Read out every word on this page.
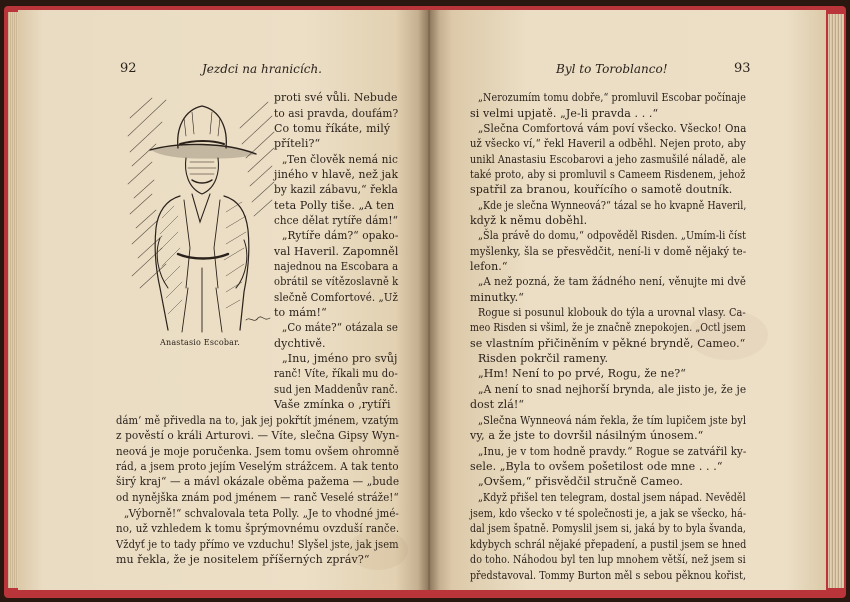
92	Jezdci na hranicích.
Anastasio Escobar.
proti své vůli. Nebude
to asi pravda, doufám?
Co tomu říkáte, milý
příteli?“
„Ten člověk nemá nic
jiného v hlavě, než jak
by kazil zábavu,“ řekla
teta Polly tiše. „A ten
chce dělat rytíře dám!“
„Rytíře dám?“ opako-
val Haveril. Zapomněl
najednou na Escobara a
obrátil se vítězoslavně k
slečně Comfortové. „Už
to mám!“
„Co máte?“ otázala se
dychtivě.
„Inu, jméno pro svůj
ranč! Víte, říkali mu do-
sud jen Maddenův ranč.
Vaše zmínka o ‚rytíři
dám‘ mě přivedla na to, jak jej pokřtít jménem, vzatým
z pověstí o králi Arturovi. — Víte, slečna Gipsy Wyn-
neová je moje poručenka. Jsem tomu ovšem ohromně
rád, a jsem proto jejím Veselým strážcem. A tak tento
širý kraj“ — a mávl okázale oběma pažema — „bude
od nynějška znám pod jménem — ranč Veselé stráže!“
„Výborně!“ schvalovala teta Polly. „Je to vhodné jmé-
no, už vzhledem k tomu šprýmovnému ovzduší ranče.
Vždyť je to tady přímo ve vzduchu! Slyšel jste, jak jsem
mu řekla, že je nositelem příšerných zpráv?“
Byl to Toroblanco!	93
„Nerozumím tomu dobře,“ promluvil Escobar počínaje
si velmi upjatě. „Je-li pravda . . .“
„Slečna Comfortová vám poví všecko. Všecko! Ona
už všecko ví,“ řekl Haveril a odběhl. Nejen proto, aby
unikl Anastasiu Escobarovi a jeho zasmušilé náladě, ale
také proto, aby si promluvil s Cameem Risdenem, jehož
spatřil za branou, kouřícího o samotě doutník.
„Kde je slečna Wynneová?“ tázal se ho kvapně Haveril,
když k němu doběhl.
„Šla právě do domu,“ odpověděl Risden. „Umím-li číst
myšlenky, šla se přesvědčit, není-li v domě nějaký te-
lefon.“
„A než pozná, že tam žádného není, věnujte mi dvě
minutky.“
Rogue si posunul klobouk do týla a urovnal vlasy. Ca-
meo Risden si všiml, že je značně znepokojen. „Octl jsem
se vlastním přičiněním v pěkné bryndě, Cameo.“
Risden pokrčil rameny.
„Hm! Není to po prvé, Rogu, že ne?“
„A není to snad nejhorší brynda, ale jisto je, že je
dost zlá!“
„Slečna Wynneová nám řekla, že tím lupičem jste byl
vy, a že jste to dovršil násilným únosem.“
„Inu, je v tom hodně pravdy.“ Rogue se zatvářil ky-
sele. „Byla to ovšem pošetilost ode mne . . .“
„Ovšem,“ přisvědčil stručně Cameo.
„Když přišel ten telegram, dostal jsem nápad. Nevěděl
jsem, kdo všecko v té společnosti je, a jak se všecko, há-
dal jsem špatně. Pomyslil jsem si, jaká by to byla švanda,
kdybych schrál nějaké přepadení, a pustil jsem se hned
do toho. Náhodou byl ten lup mnohem větší, než jsem si
představoval. Tommy Burton měl s sebou pěknou kořist,
